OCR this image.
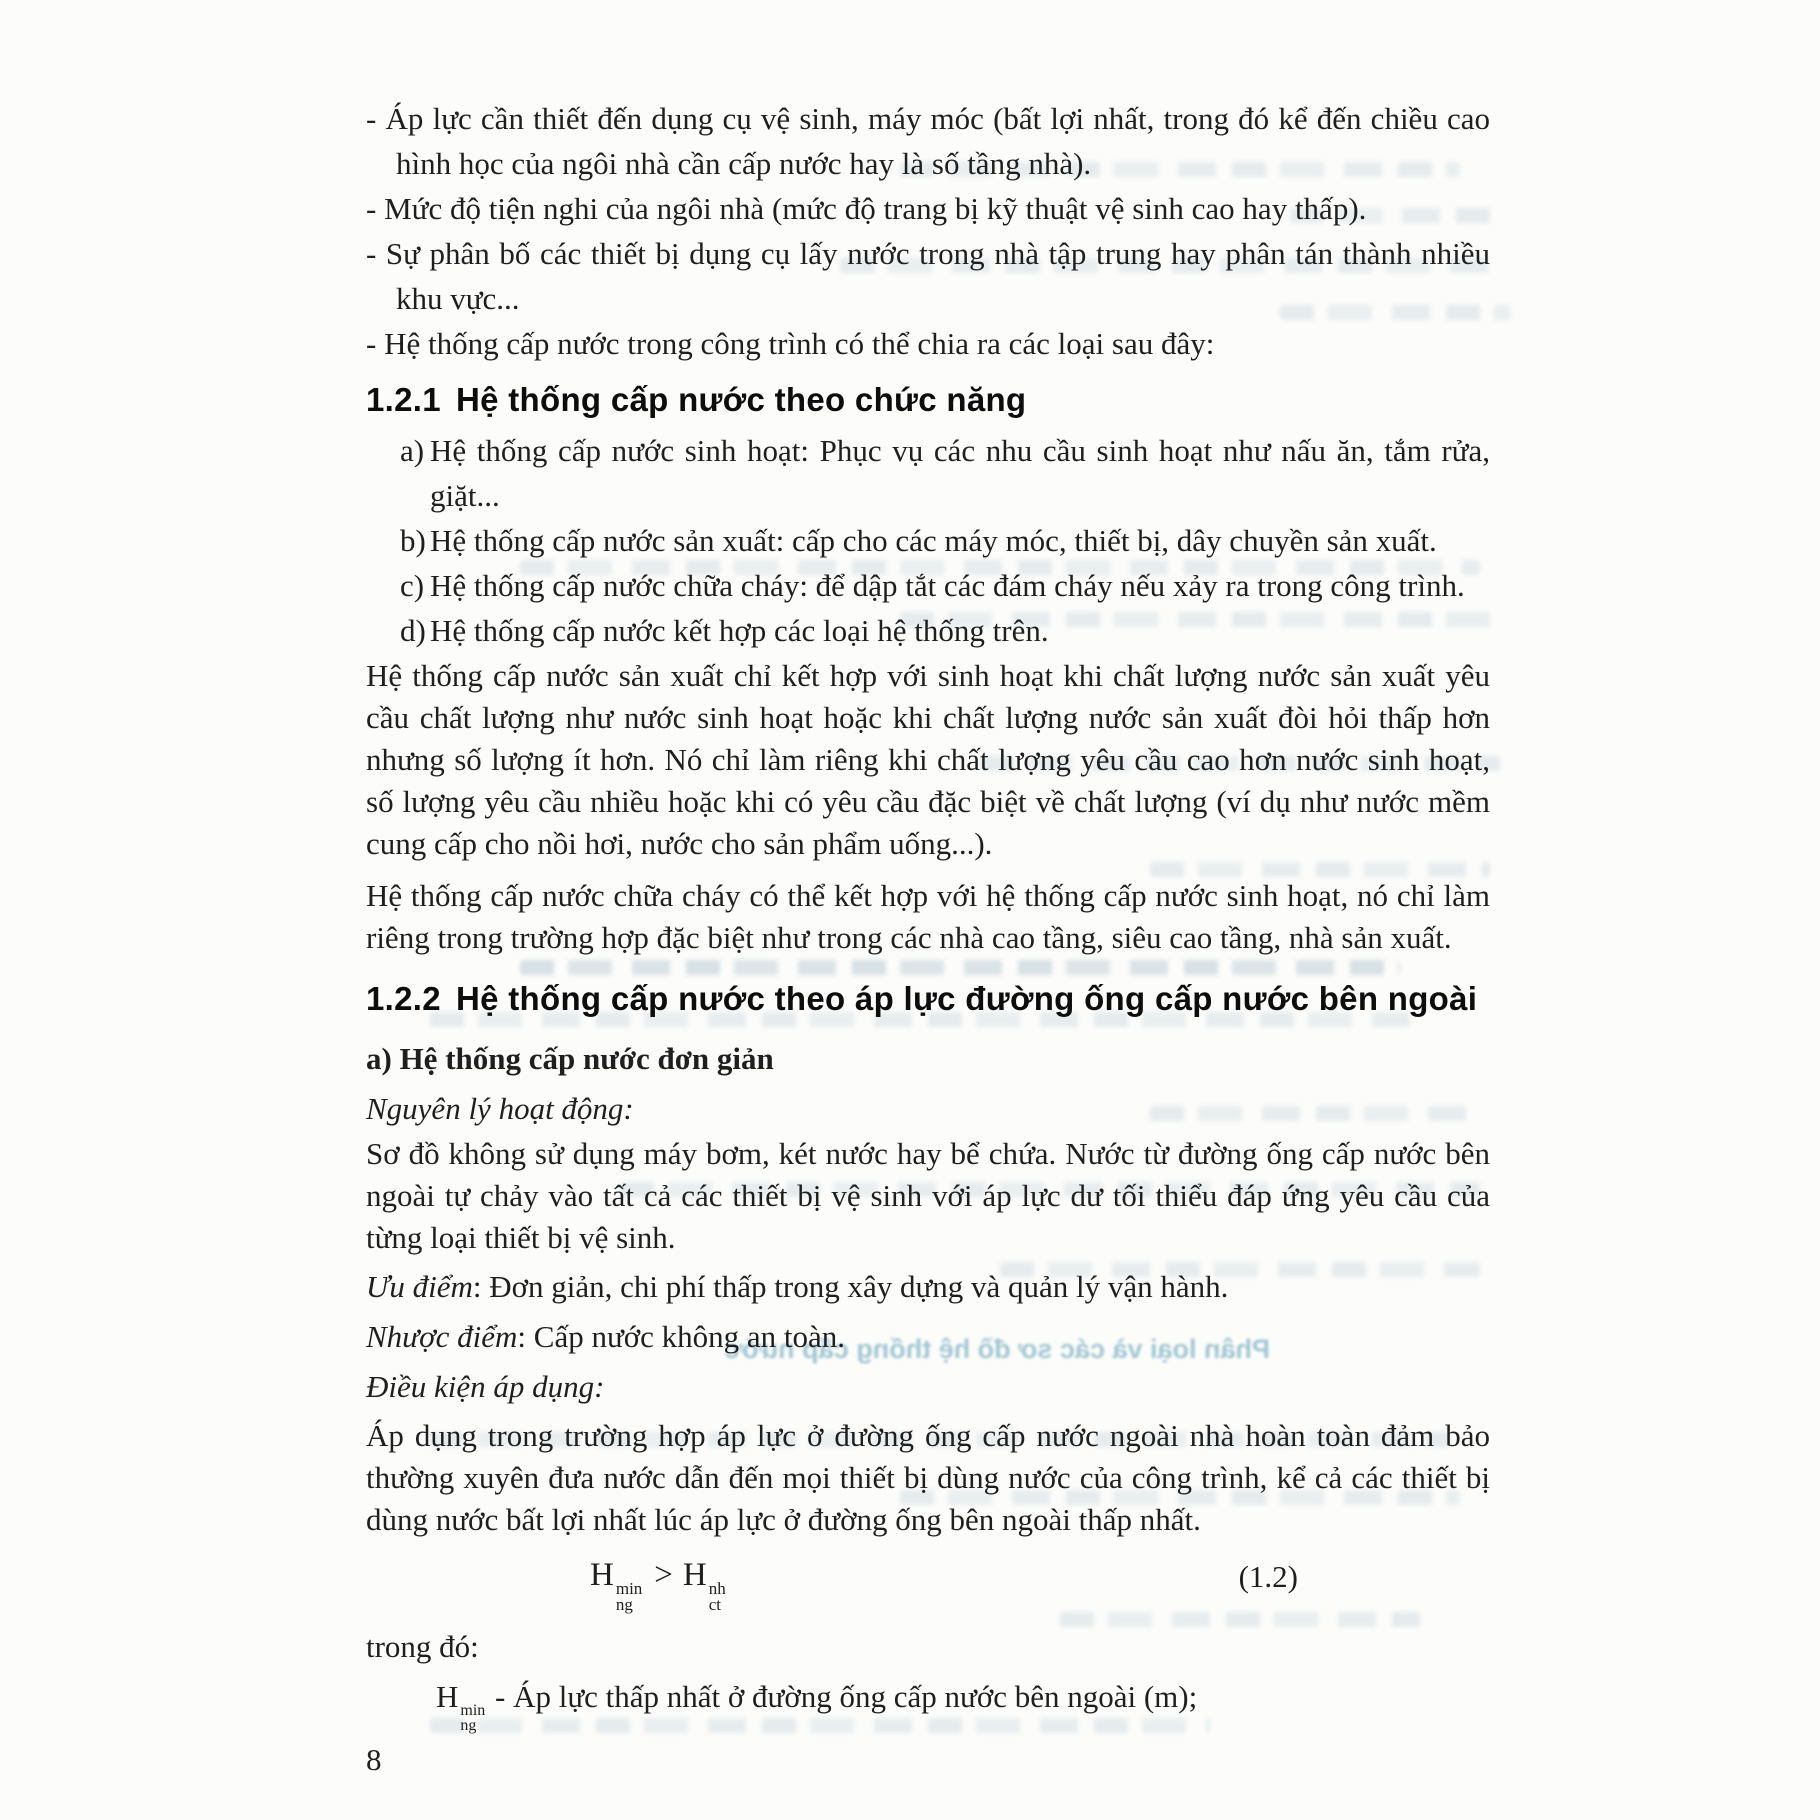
Phân loại và các sơ đồ hệ thống cấp nước

- Áp lực cần thiết đến dụng cụ vệ sinh, máy móc (bất lợi nhất, trong đó kể đến chiều cao hình học của ngôi nhà cần cấp nước hay là số tầng nhà).

- Mức độ tiện nghi của ngôi nhà (mức độ trang bị kỹ thuật vệ sinh cao hay thấp).

- Sự phân bố các thiết bị dụng cụ lấy nước trong nhà tập trung hay phân tán thành nhiều khu vực...

- Hệ thống cấp nước trong công trình có thể chia ra các loại sau đây:

1.2.1 Hệ thống cấp nước theo chức năng

a) Hệ thống cấp nước sinh hoạt: Phục vụ các nhu cầu sinh hoạt như nấu ăn, tắm rửa, giặt...

b) Hệ thống cấp nước sản xuất: cấp cho các máy móc, thiết bị, dây chuyền sản xuất.

c) Hệ thống cấp nước chữa cháy: để dập tắt các đám cháy nếu xảy ra trong công trình.

d) Hệ thống cấp nước kết hợp các loại hệ thống trên.

Hệ thống cấp nước sản xuất chỉ kết hợp với sinh hoạt khi chất lượng nước sản xuất yêu cầu chất lượng như nước sinh hoạt hoặc khi chất lượng nước sản xuất đòi hỏi thấp hơn nhưng số lượng ít hơn. Nó chỉ làm riêng khi chất lượng yêu cầu cao hơn nước sinh hoạt, số lượng yêu cầu nhiều hoặc khi có yêu cầu đặc biệt về chất lượng (ví dụ như nước mềm cung cấp cho nồi hơi, nước cho sản phẩm uống...).

Hệ thống cấp nước chữa cháy có thể kết hợp với hệ thống cấp nước sinh hoạt, nó chỉ làm riêng trong trường hợp đặc biệt như trong các nhà cao tầng, siêu cao tầng, nhà sản xuất.

1.2.2 Hệ thống cấp nước theo áp lực đường ống cấp nước bên ngoài

a) Hệ thống cấp nước đơn giản

Nguyên lý hoạt động:

Sơ đồ không sử dụng máy bơm, két nước hay bể chứa. Nước từ đường ống cấp nước bên ngoài tự chảy vào tất cả các thiết bị vệ sinh với áp lực dư tối thiểu đáp ứng yêu cầu của từng loại thiết bị vệ sinh.

Ưu điểm: Đơn giản, chi phí thấp trong xây dựng và quản lý vận hành.

Nhược điểm: Cấp nước không an toàn.

Điều kiện áp dụng:

Áp dụng trong trường hợp áp lực ở đường ống cấp nước ngoài nhà hoàn toàn đảm bảo thường xuyên đưa nước dẫn đến mọi thiết bị dùng nước của công trình, kể cả các thiết bị dùng nước bất lợi nhất lúc áp lực ở đường ống bên ngoài thấp nhất.

H min
ng
> H nh
ct
(1.2)

trong đó:

H min
ng
- Áp lực thấp nhất ở đường ống cấp nước bên ngoài (m);

8
